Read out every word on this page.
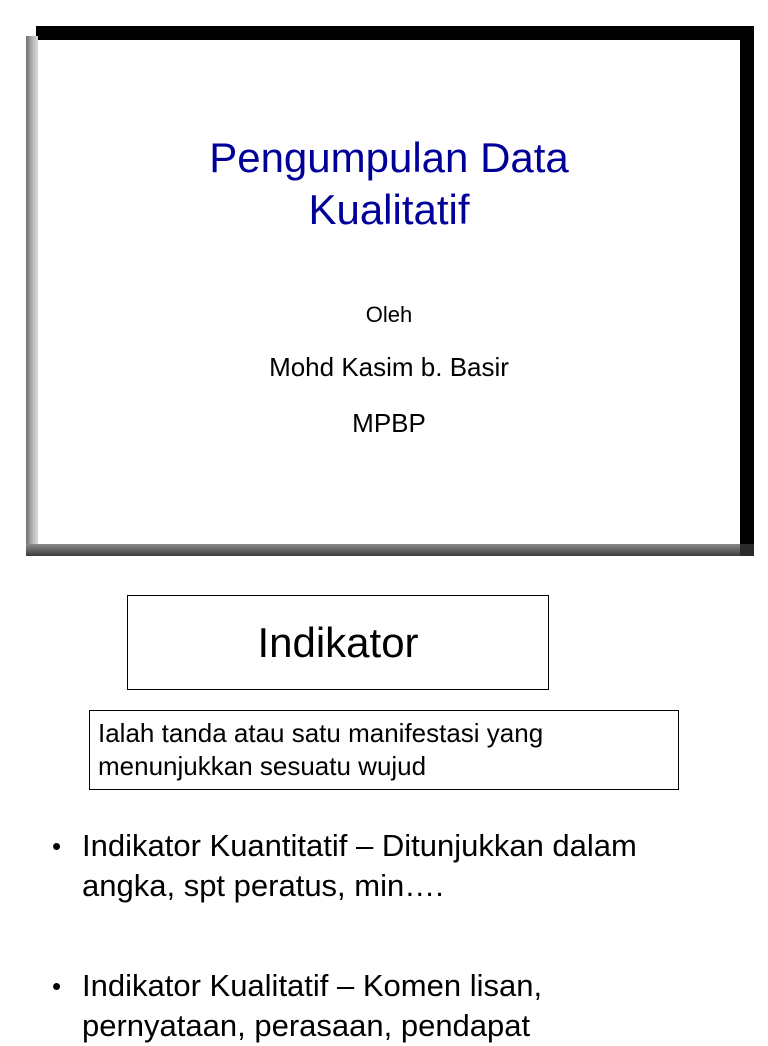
Pengumpulan Data
Kualitatif
Oleh
Mohd Kasim b. Basir
MPBP
Indikator
Ialah tanda atau satu manifestasi yang
menunjukkan sesuatu wujud
• Indikator Kuantitatif – Ditunjukkan dalam
angka, spt peratus, min….
• Indikator Kualitatif – Komen lisan,
pernyataan, perasaan, pendapat
